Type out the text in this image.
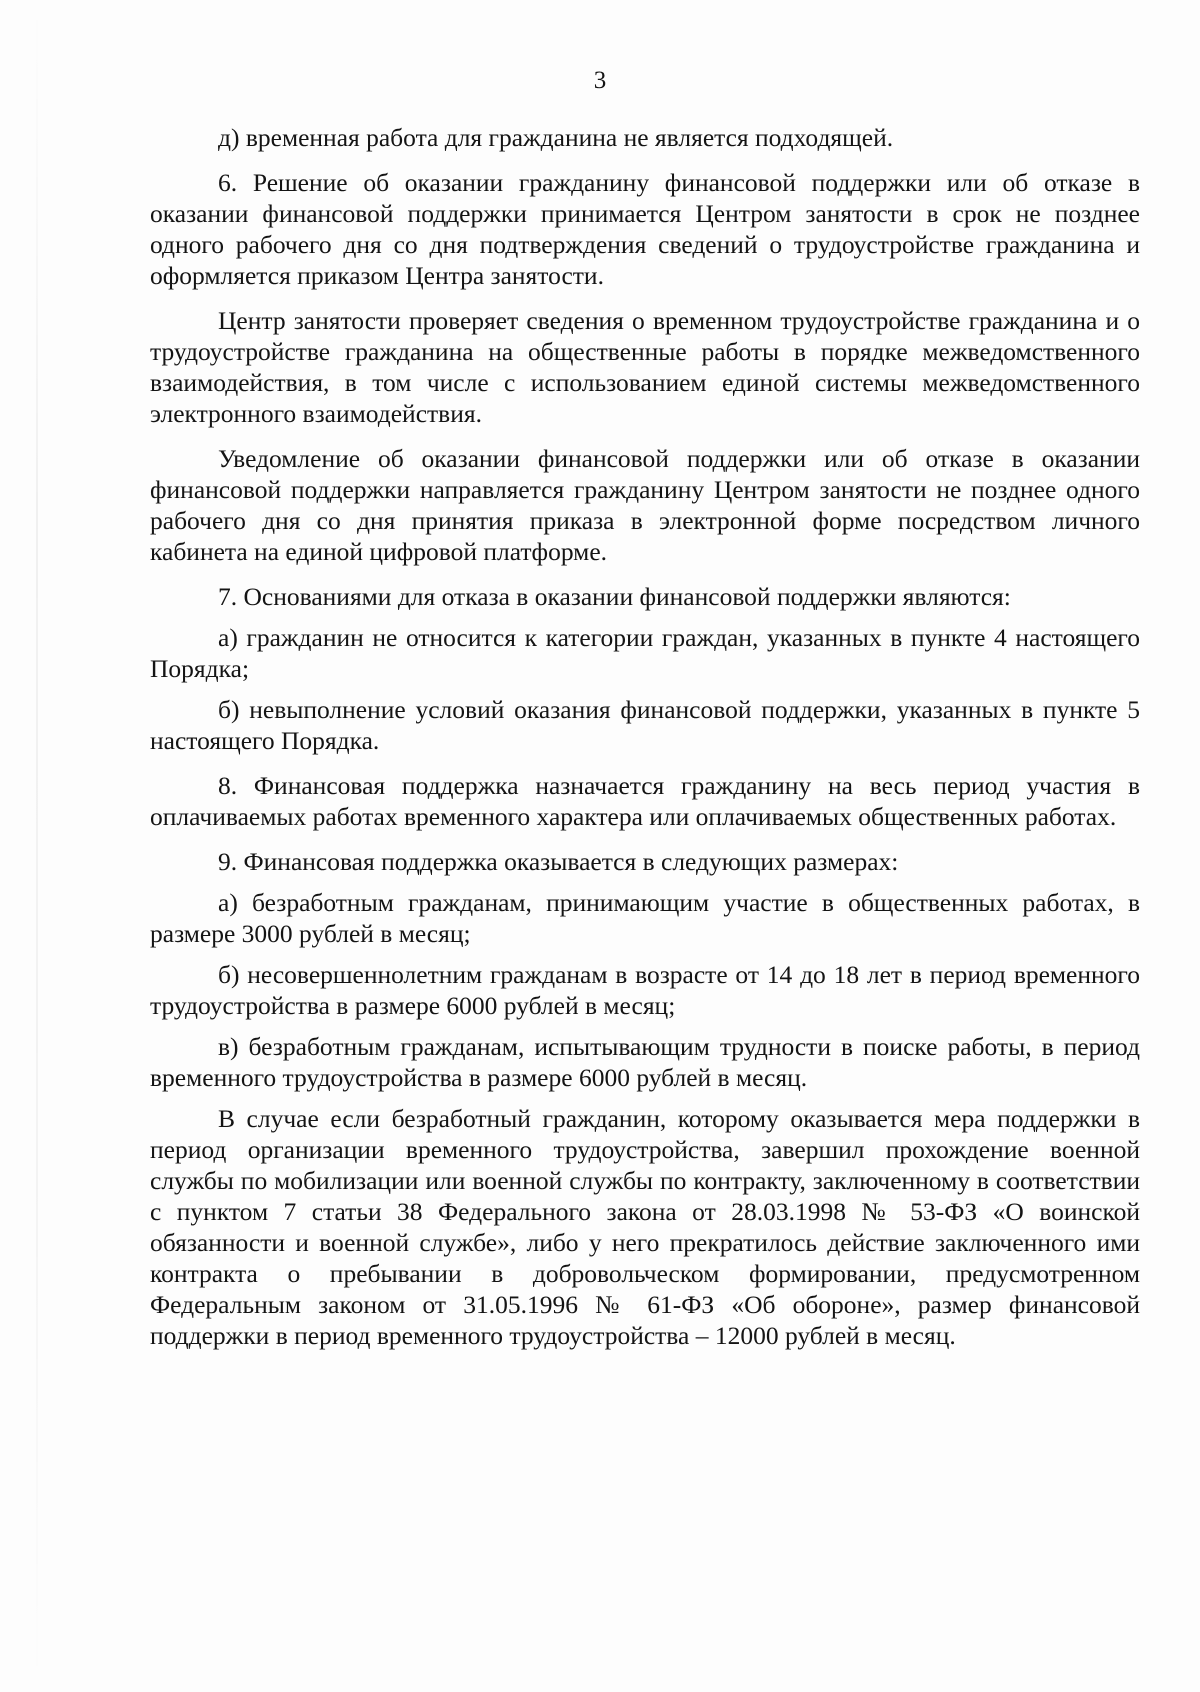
3

д) временная работа для гражданина не является подходящей.

6. Решение об оказании гражданину финансовой поддержки или об отказе в оказании финансовой поддержки принимается Центром занятости в срок не позднее одного рабочего дня со дня подтверждения сведений о трудоустройстве гражданина и оформляется приказом Центра занятости.

Центр занятости проверяет сведения о временном трудоустройстве гражданина и о трудоустройстве гражданина на общественные работы в порядке межведомственного взаимодействия, в том числе с использованием единой системы межведомственного электронного взаимодействия.

Уведомление об оказании финансовой поддержки или об отказе в оказании финансовой поддержки направляется гражданину Центром занятости не позднее одного рабочего дня со дня принятия приказа в электронной форме посредством личного кабинета на единой цифровой платформе.

7. Основаниями для отказа в оказании финансовой поддержки являются:

а) гражданин не относится к категории граждан, указанных в пункте 4 настоящего Порядка;

б) невыполнение условий оказания финансовой поддержки, указанных в пункте 5 настоящего Порядка.

8. Финансовая поддержка назначается гражданину на весь период участия в оплачиваемых работах временного характера или оплачиваемых общественных работах.

9. Финансовая поддержка оказывается в следующих размерах:

а) безработным гражданам, принимающим участие в общественных работах, в размере 3000 рублей в месяц;

б) несовершеннолетним гражданам в возрасте от 14 до 18 лет в период временного трудоустройства в размере 6000 рублей в месяц;

в) безработным гражданам, испытывающим трудности в поиске работы, в период временного трудоустройства в размере 6000 рублей в месяц.

В случае если безработный гражданин, которому оказывается мера поддержки в период организации временного трудоустройства, завершил прохождение военной службы по мобилизации или военной службы по контракту, заключенному в соответствии с пунктом 7 статьи 38 Федерального закона от 28.03.1998 № 53-ФЗ «О воинской обязанности и военной службе», либо у него прекратилось действие заключенного ими контракта о пребывании в добровольческом формировании, предусмотренном Федеральным законом от 31.05.1996 № 61-ФЗ «Об обороне», размер финансовой поддержки в период временного трудоустройства – 12000 рублей в месяц.
